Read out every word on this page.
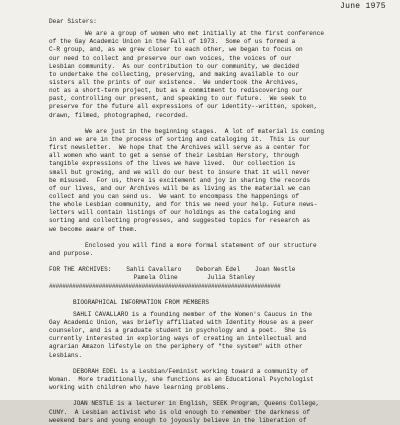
June 1975
Dear Sisters:
We are a group of women who met initially at the first conference
of the Gay Academic Union in the Fall of 1973.  Some of us formed a
C-R group, and, as we grew closer to each other, we began to focus on
our need to collect and preserve our own voices, the voices of our
Lesbian community.  As our contribution to our community, we decided
to undertake the collecting, preserving, and making available to our
sisters all the prints of our existence.  We undertook the Archives,
not as a short-term project, but as a commitment to rediscovering our
past, controlling our present, and speaking to our future.  We seek to
preserve for the future all expressions of our identity--written, spoken,
drawn, filmed, photographed, recorded.
We are just in the beginning stages.  A lot of material is coming
in and we are in the process of sorting and cataloging it.  This is our
first newsletter.  We hope that the Archives will serve as a center for
all women who want to get a sense of their Lesbian Herstory, through
tangible expressions of the lives we have lived.  Our collection is
small but growing, and we will do our best to insure that it will never
be misused.  For us, there is excitement and joy in sharing the records
of our lives, and our Archives will be as living as the material we can
collect and you can send us.  We want to encompass the happenings of
the whole Lesbian community, and for this we need your help. Future news-
letters will contain listings of our holdings as the cataloging and
sorting and collecting progresses, and suggested topics for research as
we become aware of them.
Enclosed you will find a more formal statement of our structure
and purpose.
FOR THE ARCHIVES: Sahli Cavallaro Deborah Edel Joan Nestle
Pamela Oline	Julia Stanley
######################################################################
BIOGRAPHICAL INFORMATION FROM MEMBERS
SAHLI CAVALLARO is a founding member of the Women's Caucus in the
Gay Academic Union, was briefly affiliated with Identity House as a peer
counselor, and is a graduate student in psychology and a poet.  She is
currently interested in exploring ways of creating an intellectual and
agrarian Amazon lifestyle on the periphery of "the system" with other
Lesbians.
DEBORAH EDEL is a Lesbian/Feminist working toward a community of
Woman.  More traditionally, she functions as an Educational Psychologist
working with children who have learning problems.
JOAN NESTLE is a lecturer in English, SEEK Program, Queens College,
CUNY.  A Lesbian activist who is old enough to remember the darkness of
weekend bars and young enough to joyously believe in the liberation of
